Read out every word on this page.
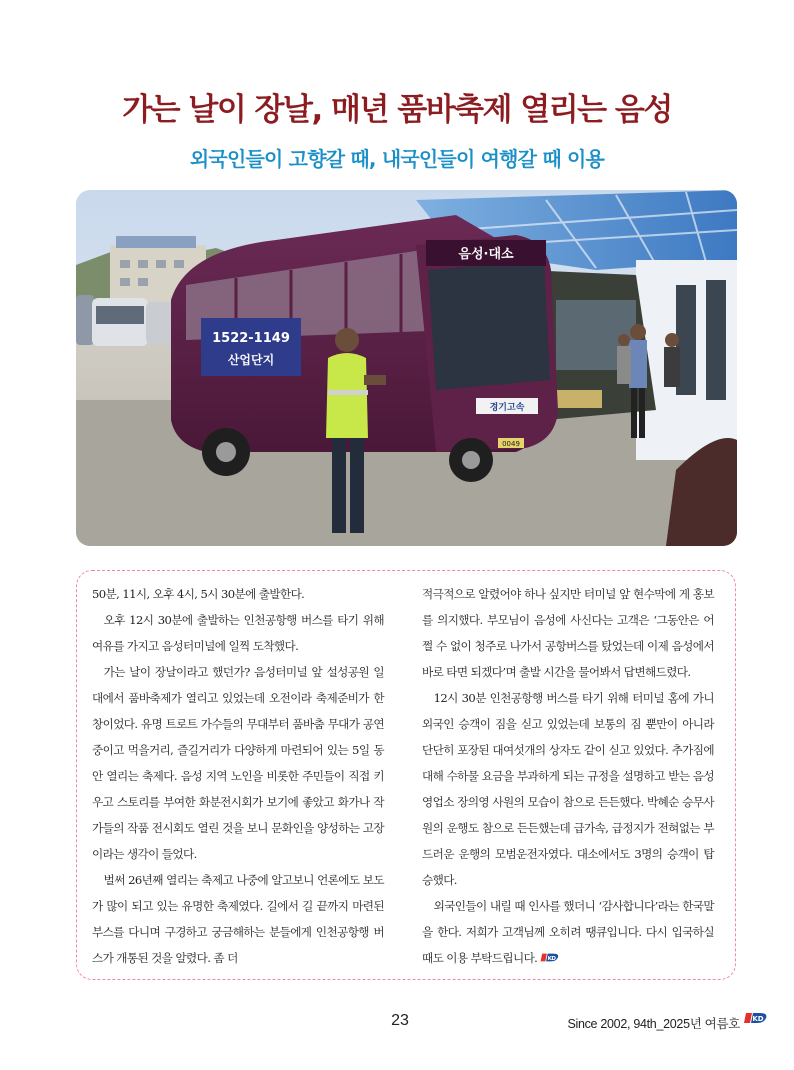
가는 날이 장날, 매년 품바축제 열리는 음성
외국인들이 고향갈 때, 내국인들이 여행갈 때 이용
1522-1149
산업단지
음성·대소
경기고속
0049

50분, 11시, 오후 4시, 5시 30분에 출발한다.

오후 12시 30분에 출발하는 인천공항행 버스를 타기 위해 여유를 가지고 음성터미널에 일찍 도착했다.

가는 날이 장날이라고 했던가? 음성터미널 앞 설성공원 일대에서 품바축제가 열리고 있었는데 오전이라 축제준비가 한창이었다. 유명 트로트 가수들의 무대부터 품바춤 무대가 공연 중이고 먹을거리, 즐길거리가 다양하게 마련되어 있는 5일 동안 열리는 축제다. 음성 지역 노인을 비롯한 주민들이 직접 키우고 스토리를 부여한 화분전시회가 보기에 좋았고 화가나 작가들의 작품 전시회도 열린 것을 보니 문화인을 양성하는 고장이라는 생각이 들었다.

벌써 26년째 열리는 축제고 나중에 알고보니 언론에도 보도가 많이 되고 있는 유명한 축제였다. 길에서 길 끝까지 마련된 부스를 다니며 구경하고 궁금해하는 분들에게 인천공항행 버스가 개통된 것을 알렸다. 좀 더

적극적으로 알렸어야 하나 싶지만 터미널 앞 현수막에 게 홍보를 의지했다. 부모님이 음성에 사신다는 고객은 ‘그동안은 어쩔 수 없이 청주로 나가서 공항버스를 탔었는데 이제 음성에서 바로 타면 되겠다’며 출발 시간을 물어봐서 답변해드렸다.

12시 30분 인천공항행 버스를 타기 위해 터미널 홈에 가니 외국인 승객이 짐을 싣고 있었는데 보통의 짐 뿐만이 아니라 단단히 포장된 대여섯개의 상자도 같이 싣고 있었다. 추가짐에 대해 수하물 요금을 부과하게 되는 규정을 설명하고 받는 음성영업소 장의영 사원의 모습이 참으로 든든했다. 박혜순 승무사원의 운행도 참으로 든든했는데 급가속, 급정지가 전혀없는 부드러운 운행의 모범운전자였다. 대소에서도 3명의 승객이 탑승했다.

외국인들이 내릴 때 인사를 했더니 ‘감사합니다’라는 한국말을 한다. 저희가 고객님께 오히려 땡큐입니다. 다시 입국하실 때도 이용 부탁드립니다. KD

23	Since 2002, 94th_2025년 여름호 KD
